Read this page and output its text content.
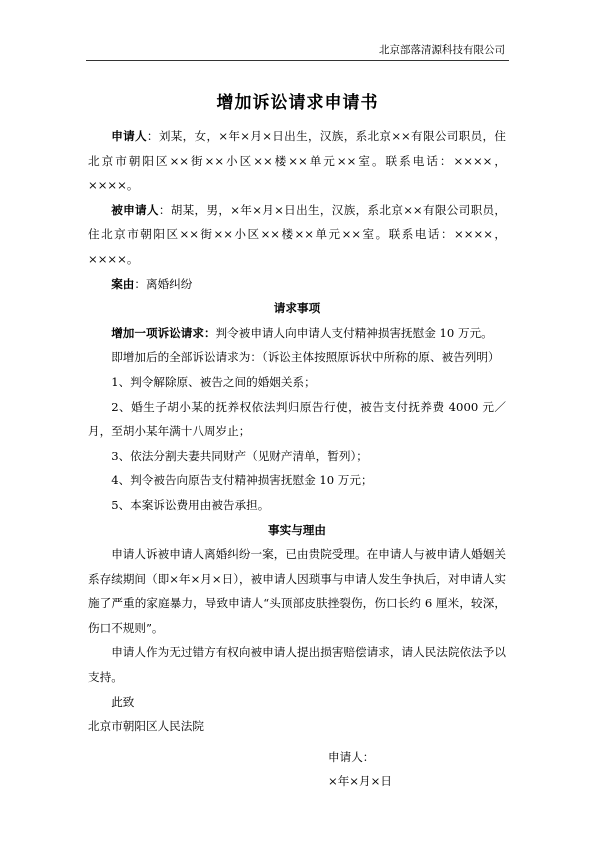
北京部落清源科技有限公司
增加诉讼请求申请书

申请人：刘某，女，×年×月×日出生，汉族，系北京××有限公司职员，住北京市朝阳区××街××小区××楼××单元××室。联系电话：××××，××××。

被申请人：胡某，男，×年×月×日出生，汉族，系北京××有限公司职员，住北京市朝阳区××街××小区××楼××单元××室。联系电话：××××，××××。

案由：离婚纠纷

请求事项

增加一项诉讼请求：判令被申请人向申请人支付精神损害抚慰金 10 万元。

即增加后的全部诉讼请求为：（诉讼主体按照原诉状中所称的原、被告列明）

1、判令解除原、被告之间的婚姻关系；

2、婚生子胡小某的抚养权依法判归原告行使，被告支付抚养费 4000 元／月，至胡小某年满十八周岁止；

3、依法分割夫妻共同财产（见财产清单，暂列）；

4、判令被告向原告支付精神损害抚慰金 10 万元；

5、本案诉讼费用由被告承担。

事实与理由

申请人诉被申请人离婚纠纷一案，已由贵院受理。在申请人与被申请人婚姻关系存续期间（即×年×月×日），被申请人因琐事与申请人发生争执后，对申请人实施了严重的家庭暴力，导致申请人“头顶部皮肤挫裂伤，伤口长约 6 厘米，较深，伤口不规则”。

申请人作为无过错方有权向被申请人提出损害赔偿请求，请人民法院依法予以支持。

此致

北京市朝阳区人民法院

申请人：

×年×月×日
